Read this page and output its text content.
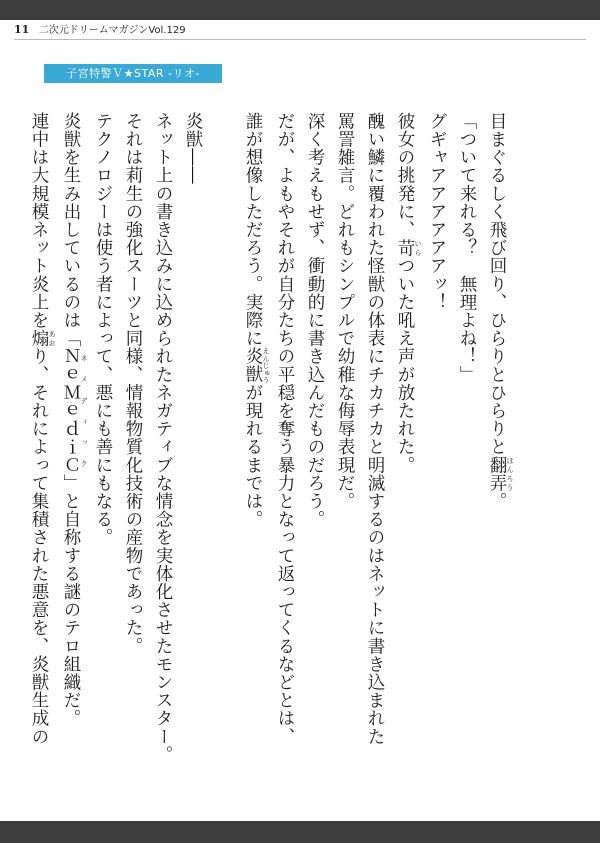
11 二次元ドリームマガジンVol.129
子宮特警Ｖ★STAR -リオ-
目まぐるしく飛び回り、ひらりとひらりと翻弄 ほんろう。
「ついて来れる？　無理よね！」
グギャアアアアアアッ！
彼女の挑発に、苛 いらついた吼え声が放たれた。
醜い鱗に覆われた怪獣の体表にチカチカと明滅するのはネットに書き込まれた
罵詈雑言。どれもシンプルで幼稚な侮辱表現だ。
深く考えもせず、衝動的に書き込んだものだろう。
だが、よもやそれが自分たちの平穏を奪う暴力となって返ってくるなどとは、
誰が想像しただろう。実際に炎獣 えんじゅうが現れるまでは。
炎獣――
ネット上の書き込みに込められたネガティブな情念を実体化させたモンスター。
それは莉生の強化スーツと同様、情報物質化技術の産物であった。
テクノロジーは使う者によって、悪にも善にもなる。
炎獣を生み出しているのは「ＮｅＭｅｄｉＣ ネメディック」と自称する謎のテロ組織だ。
連中は大規模ネット炎上を煽 あおり、それによって集積された悪意を、炎獣生成の
